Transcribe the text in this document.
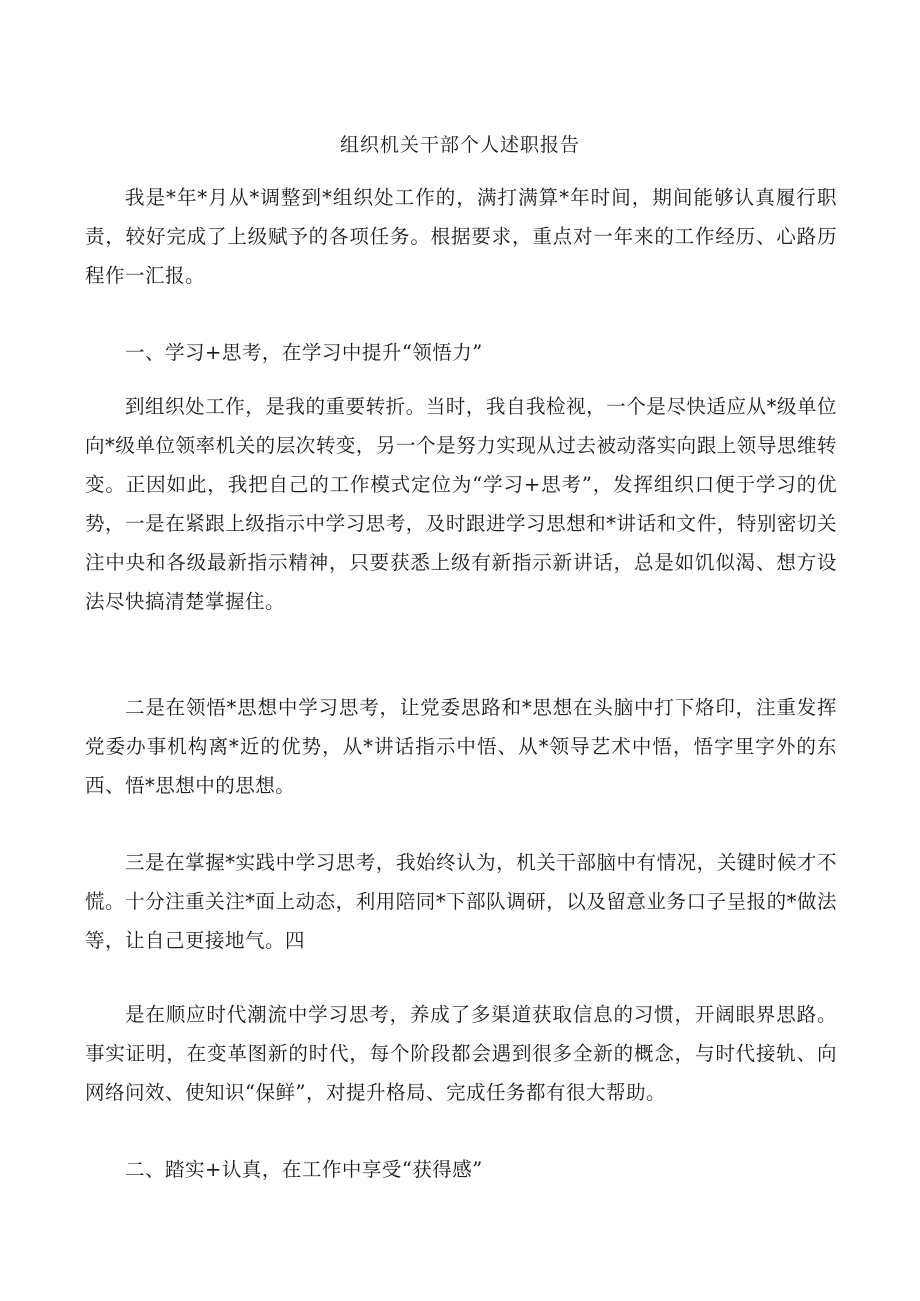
组织机关干部个人述职报告

我是*年*月从*调整到*组织处工作的，满打满算*年时间，期间能够认真履行职责，较好完成了上级赋予的各项任务。根据要求，重点对一年来的工作经历、心路历程作一汇报。

一、学习+思考，在学习中提升“领悟力”

到组织处工作，是我的重要转折。当时，我自我检视，一个是尽快适应从*级单位向*级单位领率机关的层次转变，另一个是努力实现从过去被动落实向跟上领导思维转变。正因如此，我把自己的工作模式定位为“学习+思考”，发挥组织口便于学习的优势，一是在紧跟上级指示中学习思考，及时跟进学习思想和*讲话和文件，特别密切关注中央和各级最新指示精神，只要获悉上级有新指示新讲话，总是如饥似渴、想方设法尽快搞清楚掌握住。

二是在领悟*思想中学习思考，让党委思路和*思想在头脑中打下烙印，注重发挥党委办事机构离*近的优势，从*讲话指示中悟、从*领导艺术中悟，悟字里字外的东西、悟*思想中的思想。

三是在掌握*实践中学习思考，我始终认为，机关干部脑中有情况，关键时候才不慌。十分注重关注*面上动态，利用陪同*下部队调研，以及留意业务口子呈报的*做法等，让自己更接地气。四

是在顺应时代潮流中学习思考，养成了多渠道获取信息的习惯，开阔眼界思路。事实证明，在变革图新的时代，每个阶段都会遇到很多全新的概念，与时代接轨、向网络问效、使知识“保鲜”，对提升格局、完成任务都有很大帮助。

二、踏实+认真，在工作中享受“获得感”
